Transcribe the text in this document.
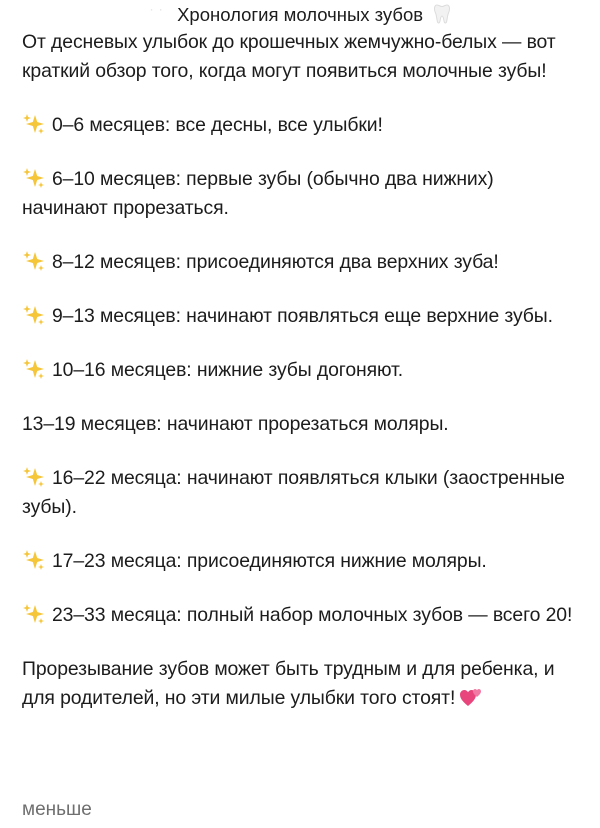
˙ ˙ Хронология молочных зубов

От десневых улыбок до крошечных жемчужно-белых — вот краткий обзор того, когда могут появиться молочные зубы!

0–6 месяцев: все десны, все улыбки!

6–10 месяцев: первые зубы (обычно два нижних) начинают прорезаться.

8–12 месяцев: присоединяются два верхних зуба!

9–13 месяцев: начинают появляться еще верхние зубы.

10–16 месяцев: нижние зубы догоняют.

13–19 месяцев: начинают прорезаться моляры.

16–22 месяца: начинают появляться клыки (заостренные зубы).

17–23 месяца: присоединяются нижние моляры.

23–33 месяца: полный набор молочных зубов — всего 20!

Прорезывание зубов может быть трудным и для ребенка, и для родителей, но эти милые улыбки того стоят!

меньше
